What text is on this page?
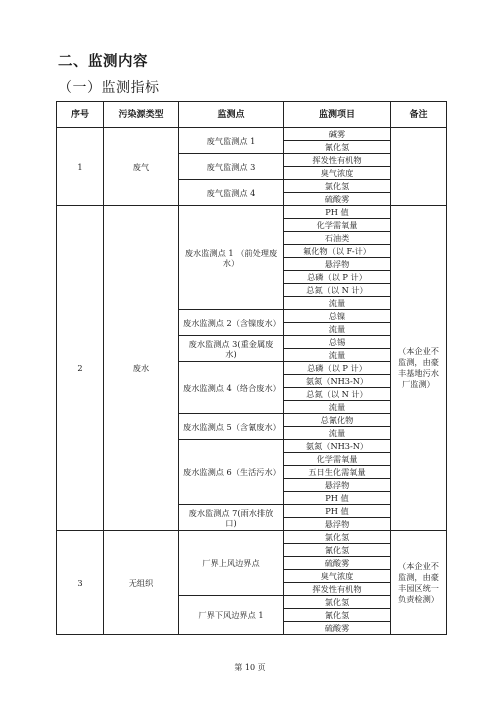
二、监测内容
（一）监测指标
序号	污染源类型	监测点	监测项目	备注
1	废气	废气监测点 1	碱雾	
			氰化氢	
		废气监测点 3	挥发性有机物	
			臭气浓度	
		废气监测点 4	氯化氢	
			硫酸雾	
2	废水	废水监测点 1 （前处理废水）	PH 值	（本企业不监测，由豪丰基地污水厂监测）
			化学需氧量	
			石油类	
			氟化物（以 F-计）	
			悬浮物	
			总磷（以 P 计）	
			总氮（以 N 计）	
			流量	
		废水监测点 2（含镍废水）	总镍	
			流量	
		废水监测点 3(重金属废水)	总锡	
			流量	
		废水监测点 4（络合废水）	总磷（以 P 计）	
			氨氮（NH3-N）	
			总氮（以 N 计）	
			流量	
		废水监测点 5（含氰废水）	总氰化物	
			流量	
		废水监测点 6（生活污水）	氨氮（NH3-N）	
			化学需氧量	
			五日生化需氧量	
			悬浮物	
			PH 值	
		废水监测点 7(雨水排放口)	PH 值	
			悬浮物	
3	无组织	厂界上风边界点	氯化氢	（本企业不监测，由豪丰园区统一负责检测）
			氰化氢	
			硫酸雾	
			臭气浓度	
			挥发性有机物	
		厂界下风边界点 1	氯化氢	
			氰化氢	
			硫酸雾	
第 10 页
